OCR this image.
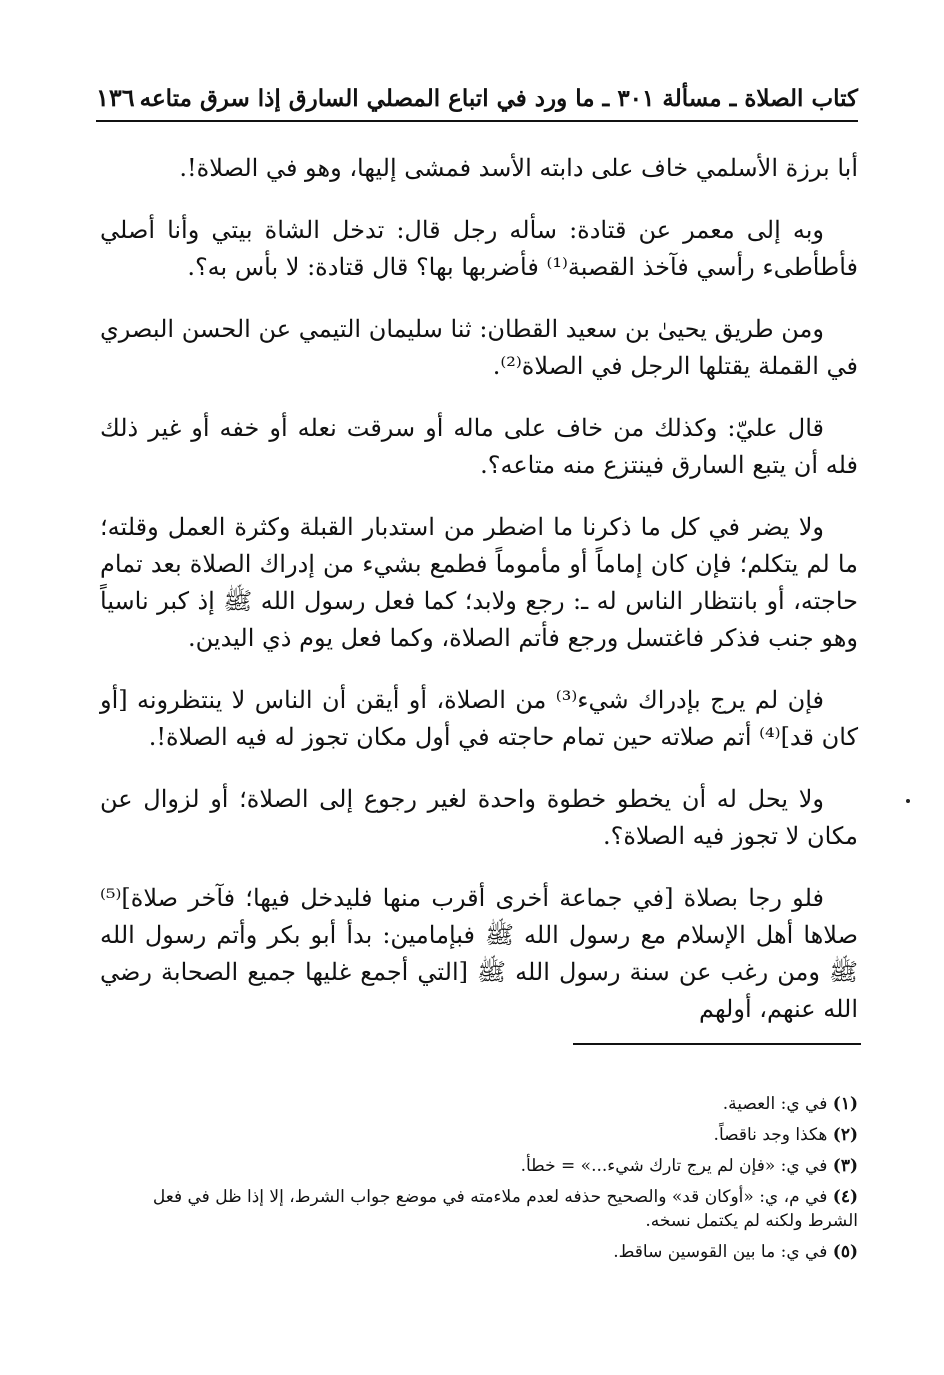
كتاب الصلاة ـ مسألة ٣٠١ ـ ما ورد في اتباع المصلي السارق إذا سرق متاعه
١٣٦

أبا برزة الأسلمي خاف على دابته الأسد فمشى إليها، وهو في الصلاة!.

وبه إلى معمر عن قتادة: سأله رجل قال: تدخل الشاة بيتي وأنا أصلي فأطأطىء رأسي فآخذ القصبة⁽¹⁾ فأضربها بها؟ قال قتادة: لا بأس به؟.

ومن طريق يحيىٰ بن سعيد القطان: ثنا سليمان التيمي عن الحسن البصري في القملة يقتلها الرجل في الصلاة⁽²⁾.

قال عليّ: وكذلك من خاف على ماله أو سرقت نعله أو خفه أو غير ذلك فله أن يتبع السارق فينتزع منه متاعه؟.

ولا يضر في كل ما ذكرنا ما اضطر من استدبار القبلة وكثرة العمل وقلته؛ ما لم يتكلم؛ فإن كان إماماً أو مأموماً فطمع بشيء من إدراك الصلاة بعد تمام حاجته، أو بانتظار الناس له ـ: رجع ولابد؛ كما فعل رسول الله ﷺ إذ كبر ناسياً وهو جنب فذكر فاغتسل ورجع فأتم الصلاة، وكما فعل يوم ذي اليدين.

فإن لم يرج بإدراك شيء⁽³⁾ من الصلاة، أو أيقن أن الناس لا ينتظرونه [أو كان قد]⁽⁴⁾ أتم صلاته حين تمام حاجته في أول مكان تجوز له فيه الصلاة!.

ولا يحل له أن يخطو خطوة واحدة لغير رجوع إلى الصلاة؛ أو لزوال عن مكان لا تجوز فيه الصلاة؟.

فلو رجا بصلاة [في جماعة أخرى أقرب منها فليدخل فيها؛ فآخر صلاة]⁽⁵⁾ صلاها أهل الإسلام مع رسول الله ﷺ فبإمامين: بدأ أبو بكر وأتم رسول الله ﷺ ومن رغب عن سنة رسول الله ﷺ [التي أجمع غليها جميع الصحابة رضي الله عنهم، أولهم

(١) في ي: العصية.

(٢) هكذا وجد ناقصاً.

(٣) في ي: «فإن لم يرج تارك شيء...» = خطأ.

(٤) في م، ي: «أوكان قد» والصحيح حذفه لعدم ملاءمته في موضع جواب الشرط، إلا إذا ظل في فعل الشرط ولكنه لم يكتمل نسخه.

(٥) في ي: ما بين القوسين ساقط.
